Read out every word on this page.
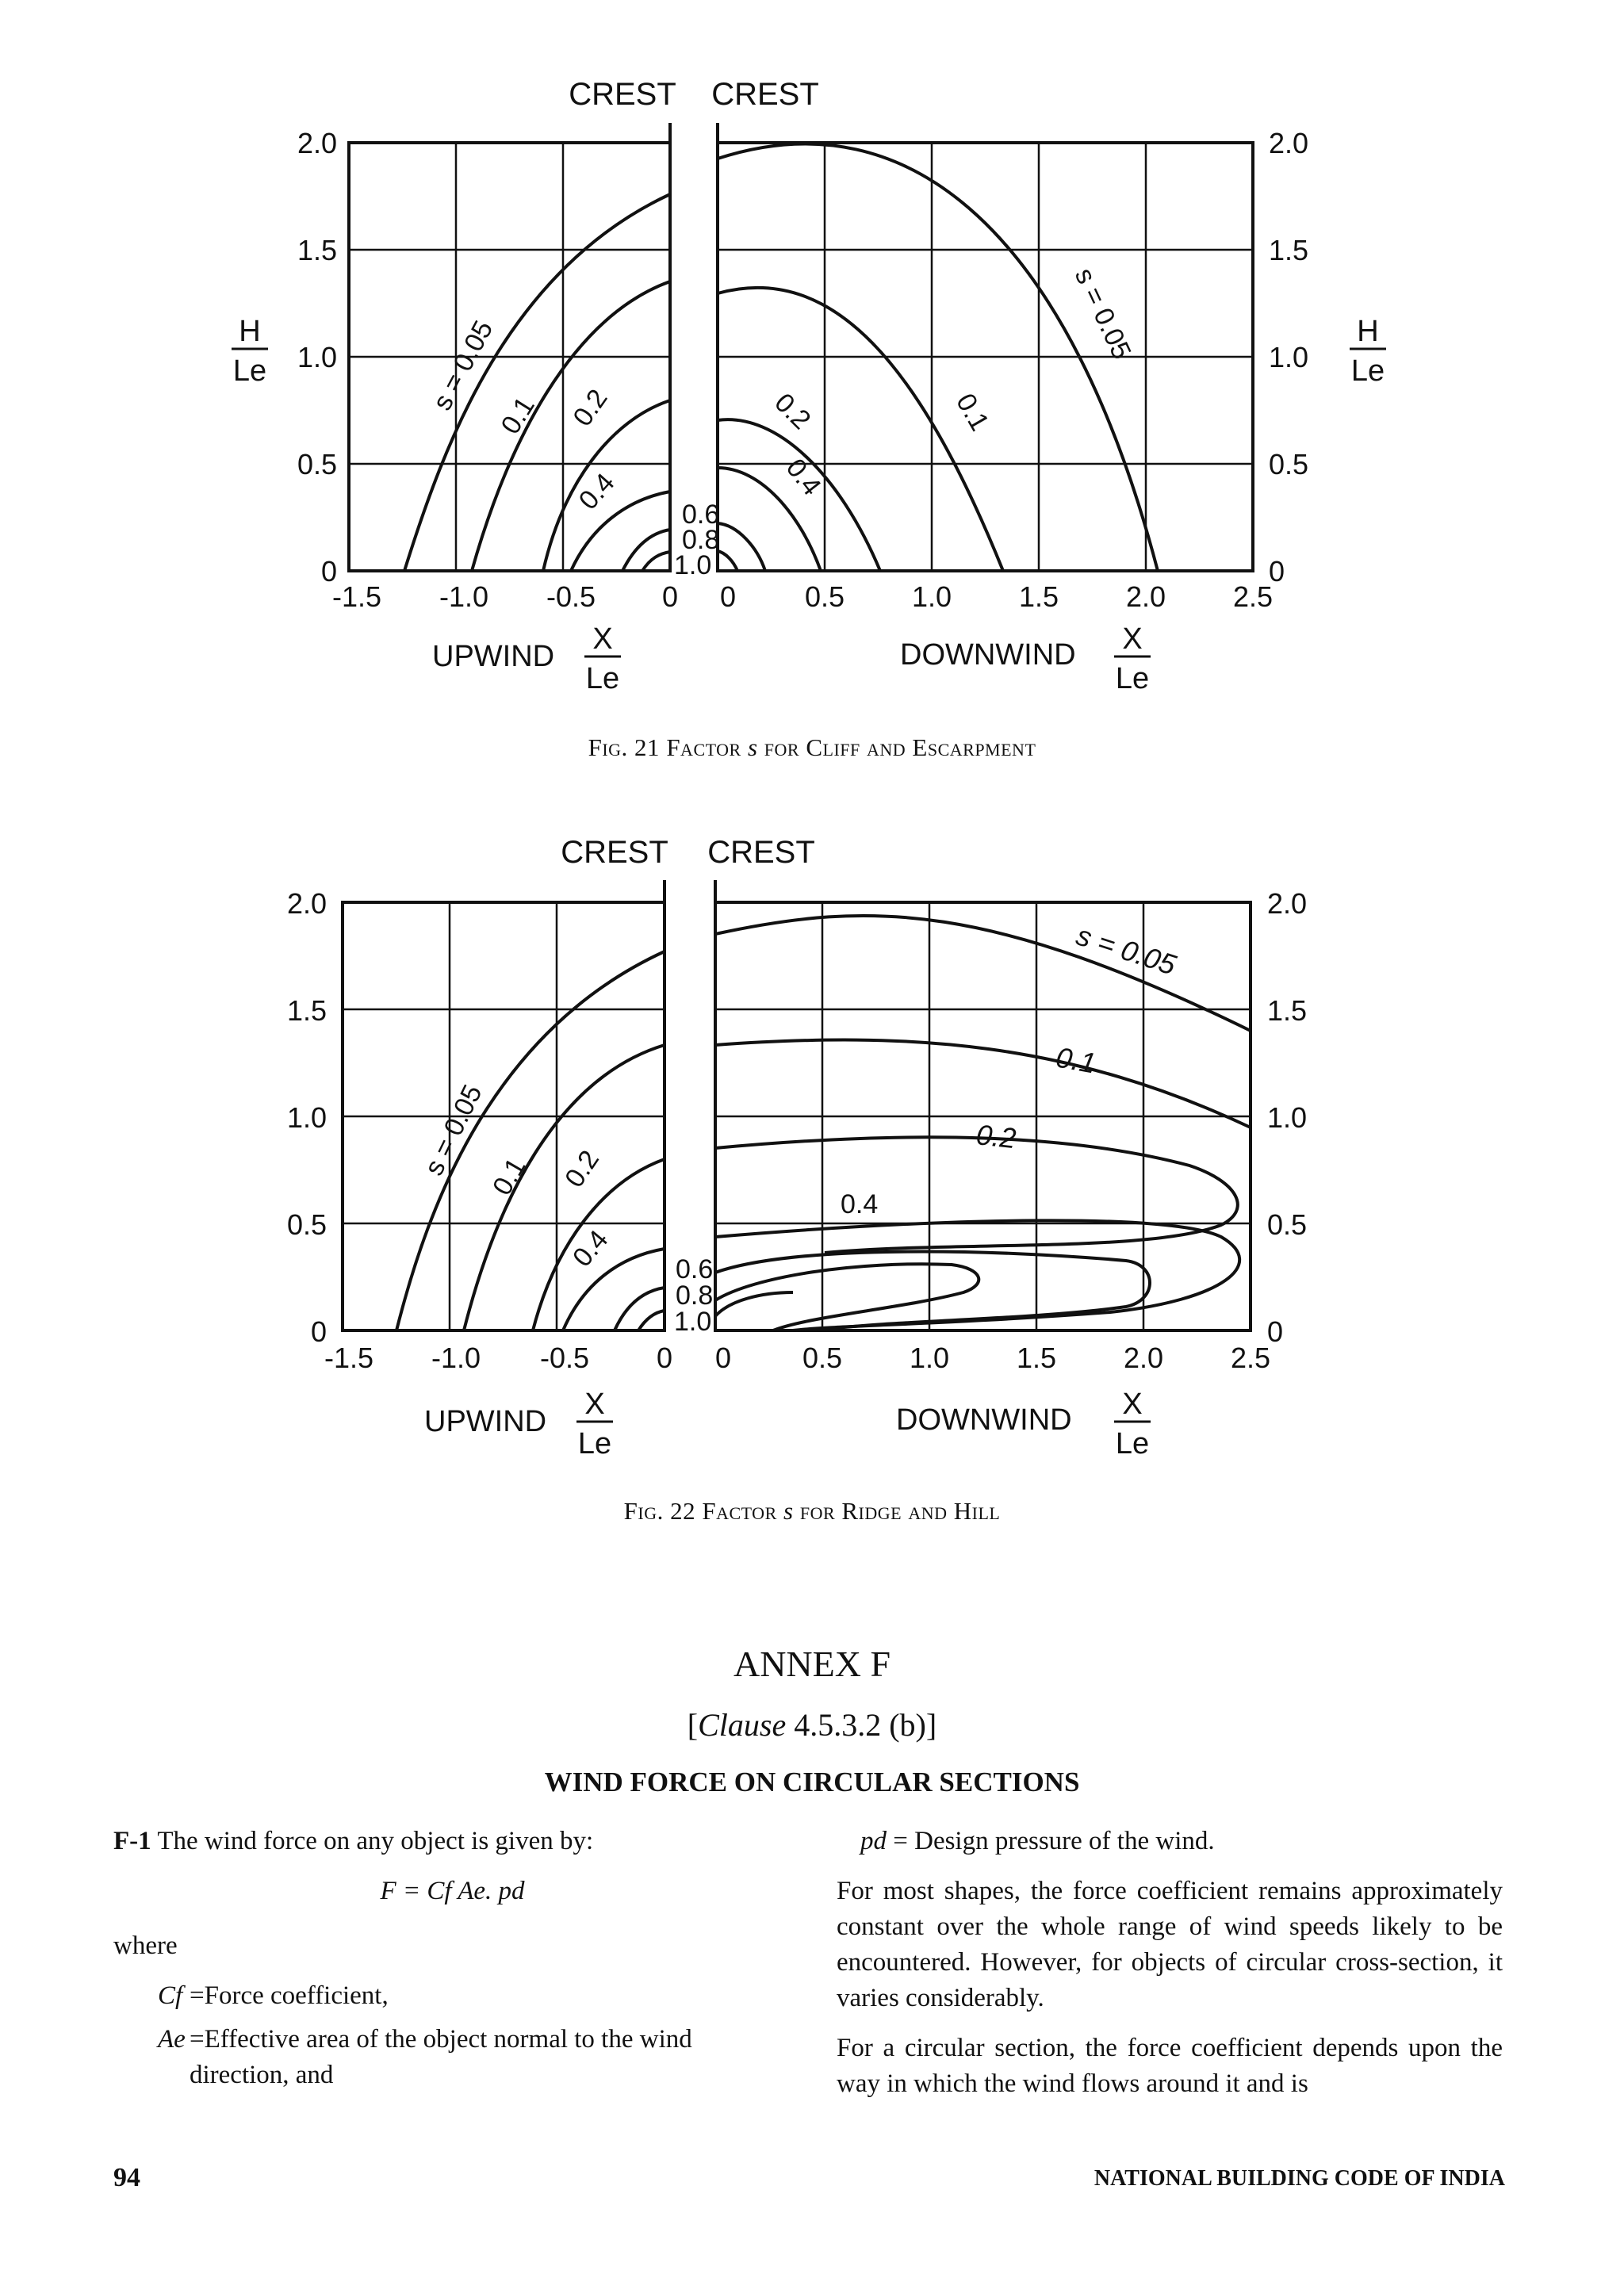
CREST CREST
s = 0.05
0.1 0.2
0.4 0.6
0.8
1.0
0.2
0.4
0.1
s = 0.05
2.0
1.5
1.0
0.5
0
2.0
1.5
1.0
0.5
0
H
Le
H
Le
-1.5 -1.0 -0.5 0 0 0.5 1.0 1.5 2.0 2.5
UPWIND
X
Le
DOWNWIND X
Le
Fig. 21 Factor s for Cliff and Escarpment
CREST CREST
s = 0.05
0.1 0.2
0.4 0.6
0.8
1.0
s = 0.05
0.1
0.2
0.4
2.0
1.5
1.0
0.5
0
2.0
1.5
1.0
0.5
0
-1.5 -1.0 -0.5 0 0 0.5 1.0 1.5 2.0 2.5
UPWIND
X
Le
DOWNWIND X
Le
Fig. 22 Factor s for Ridge and Hill
ANNEX F
[Clause 4.5.3.2 (b)]
WIND FORCE ON CIRCULAR SECTIONS

F-1 The wind force on any object is given by:

F = Cf Ae. pd

where

Cf =Force coefficient,
Ae =Effective area of the object normal to the wind direction, and

pd = Design pressure of the wind.

For most shapes, the force coefficient remains approximately constant over the whole range of wind speeds likely to be encountered. However, for objects of circular cross-section, it varies considerably.

For a circular section, the force coefficient depends upon the way in which the wind flows around it and is

94	NATIONAL BUILDING CODE OF INDIA
